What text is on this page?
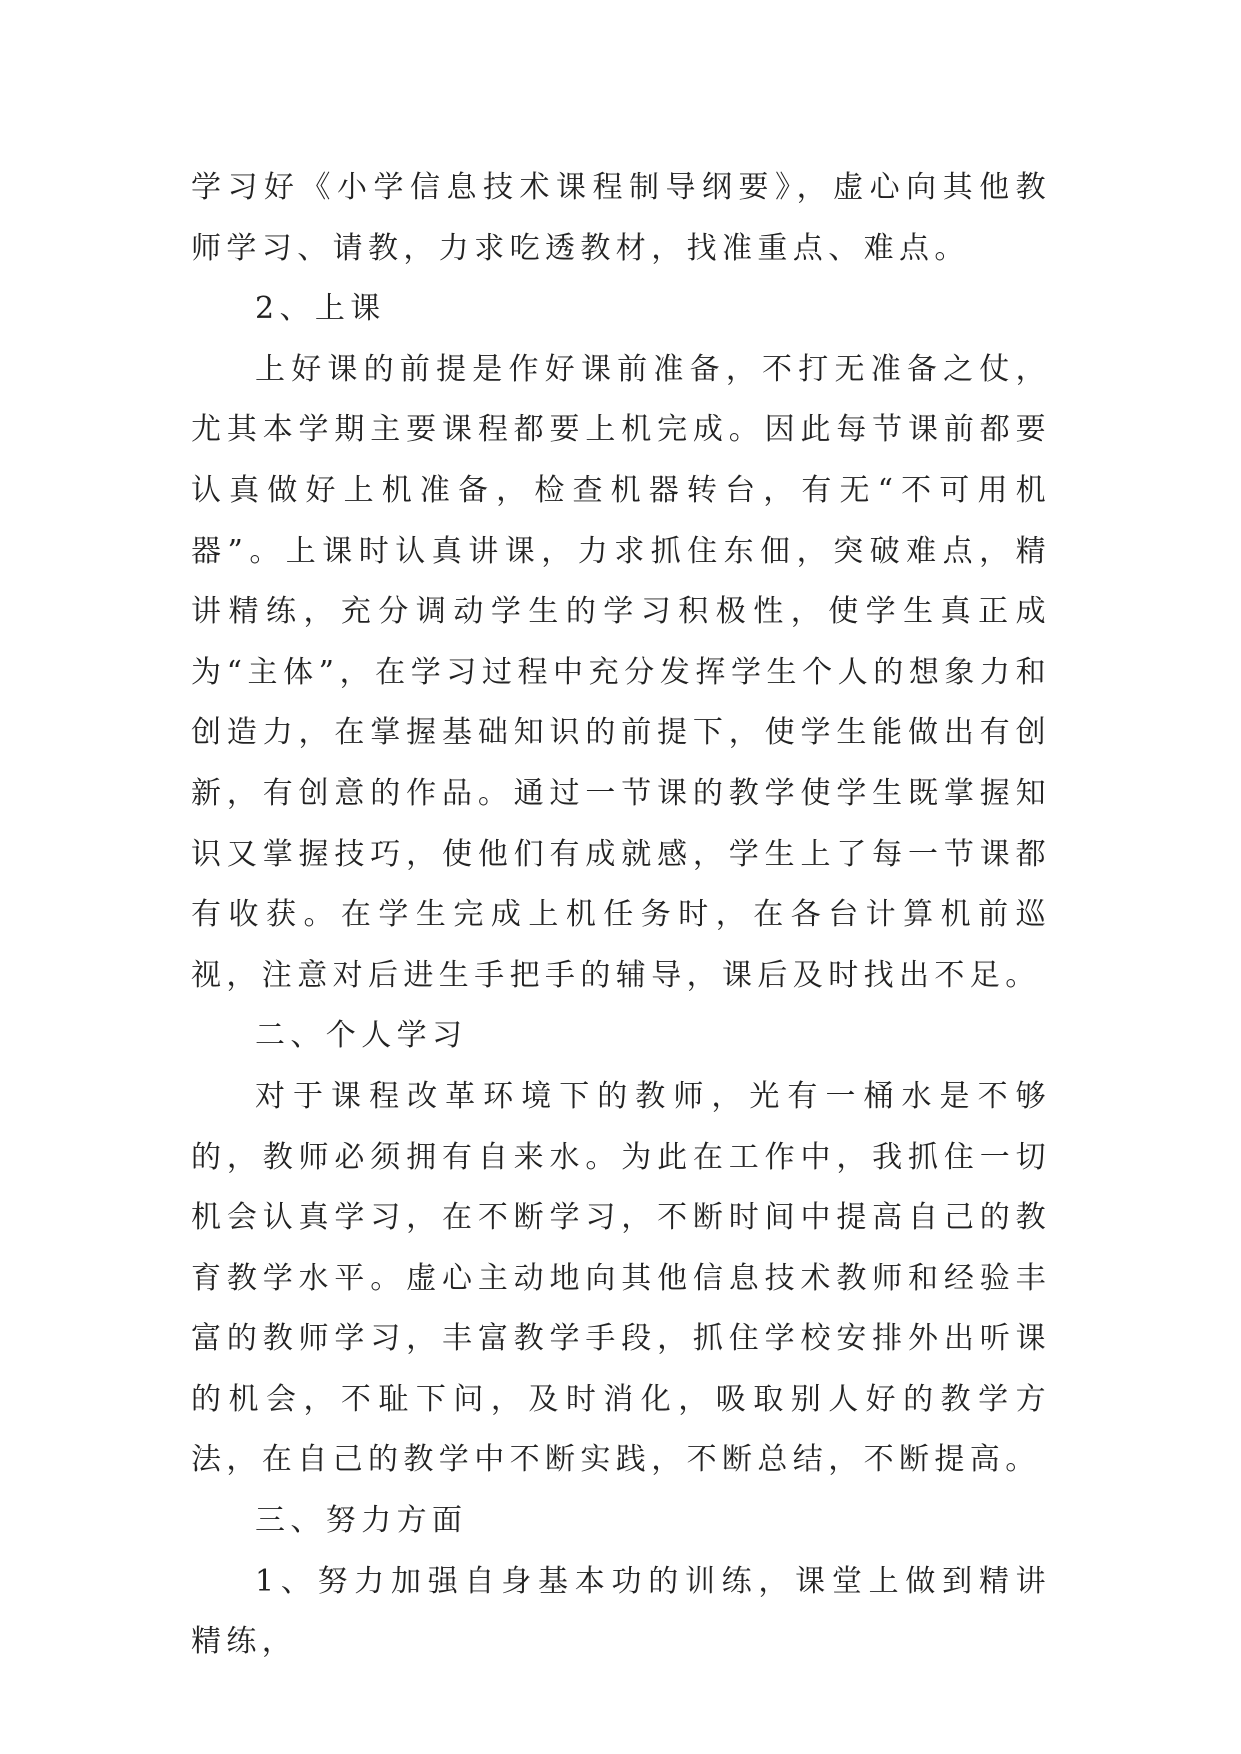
学习好《小学信息技术课程制导纲要》，虚心向其他教师学习、请教，力求吃透教材，找准重点、难点。

2、上课

上好课的前提是作好课前准备，不打无准备之仗，尤其本学期主要课程都要上机完成。因此每节课前都要认真做好上机准备，检查机器转台，有无“不可用机器”。上课时认真讲课，力求抓住东佃，突破难点，精讲精练，充分调动学生的学习积极性，使学生真正成为“主体”，在学习过程中充分发挥学生个人的想象力和创造力，在掌握基础知识的前提下，使学生能做出有创新，有创意的作品。通过一节课的教学使学生既掌握知识又掌握技巧，使他们有成就感，学生上了每一节课都有收获。在学生完成上机任务时，在各台计算机前巡视，注意对后进生手把手的辅导，课后及时找出不足。

二、个人学习

对于课程改革环境下的教师，光有一桶水是不够的，教师必须拥有自来水。为此在工作中，我抓住一切机会认真学习，在不断学习，不断时间中提高自己的教育教学水平。虚心主动地向其他信息技术教师和经验丰富的教师学习，丰富教学手段，抓住学校安排外出听课的机会，不耻下问，及时消化，吸取别人好的教学方法，在自己的教学中不断实践，不断总结，不断提高。

三、努力方面

1、努力加强自身基本功的训练，课堂上做到精讲精练，
